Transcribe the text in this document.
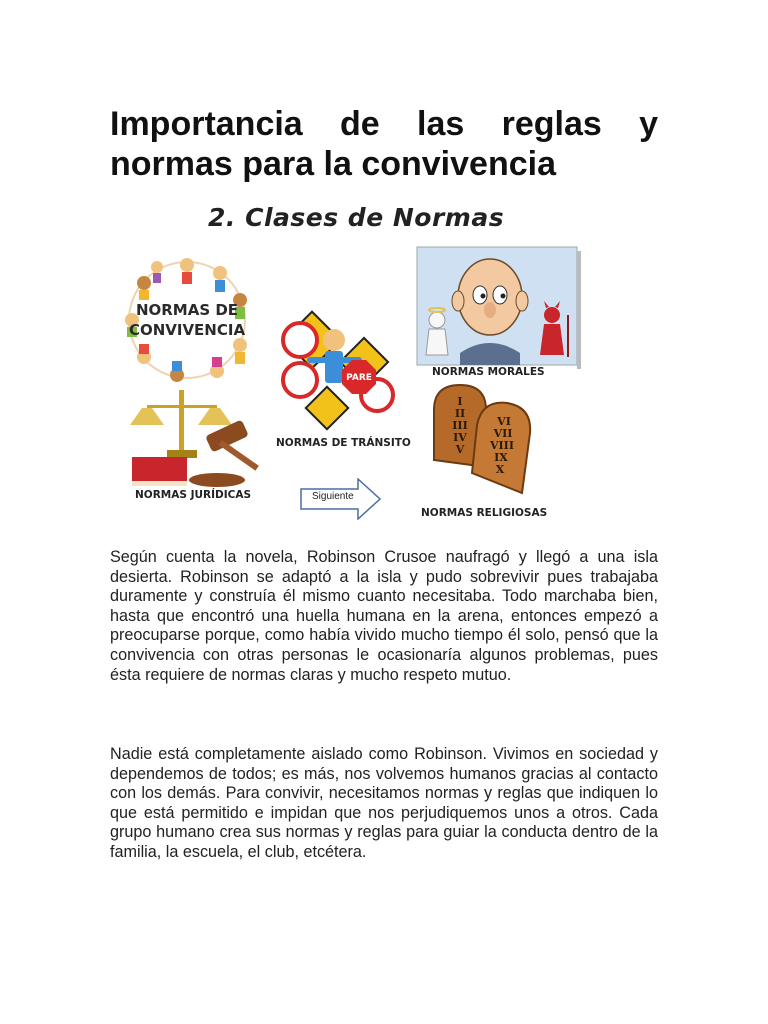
Importancia de las reglas y
normas para la convivencia
2. Clases de Normas
NORMAS DE
CONVIVENCIA
PARE
I
II
III
IV
V
VI
VII
VIII
IX
X
NORMAS DE TRÁNSITO
NORMAS MORALES
NORMAS JURÍDICAS
NORMAS RELIGIOSAS
Siguiente

Según cuenta la novela, Robinson Crusoe naufragó y llegó a una isla desierta. Robinson se adaptó a la isla y pudo sobrevivir pues trabajaba duramente y construía él mismo cuanto necesitaba. Todo marchaba bien, hasta que encontró una huella humana en la arena, entonces empezó a preocuparse porque, como había vivido mucho tiempo él solo, pensó que la convivencia con otras personas le ocasionaría algunos problemas, pues ésta requiere de normas claras y mucho respeto mutuo.

Nadie está completamente aislado como Robinson. Vivimos en sociedad y dependemos de todos; es más, nos volvemos humanos gracias al contacto con los demás. Para convivir, necesitamos normas y reglas que indiquen lo que está permitido e impidan que nos perjudiquemos unos a otros. Cada grupo humano crea sus normas y reglas para guiar la conducta dentro de la familia, la escuela, el club, etcétera.
